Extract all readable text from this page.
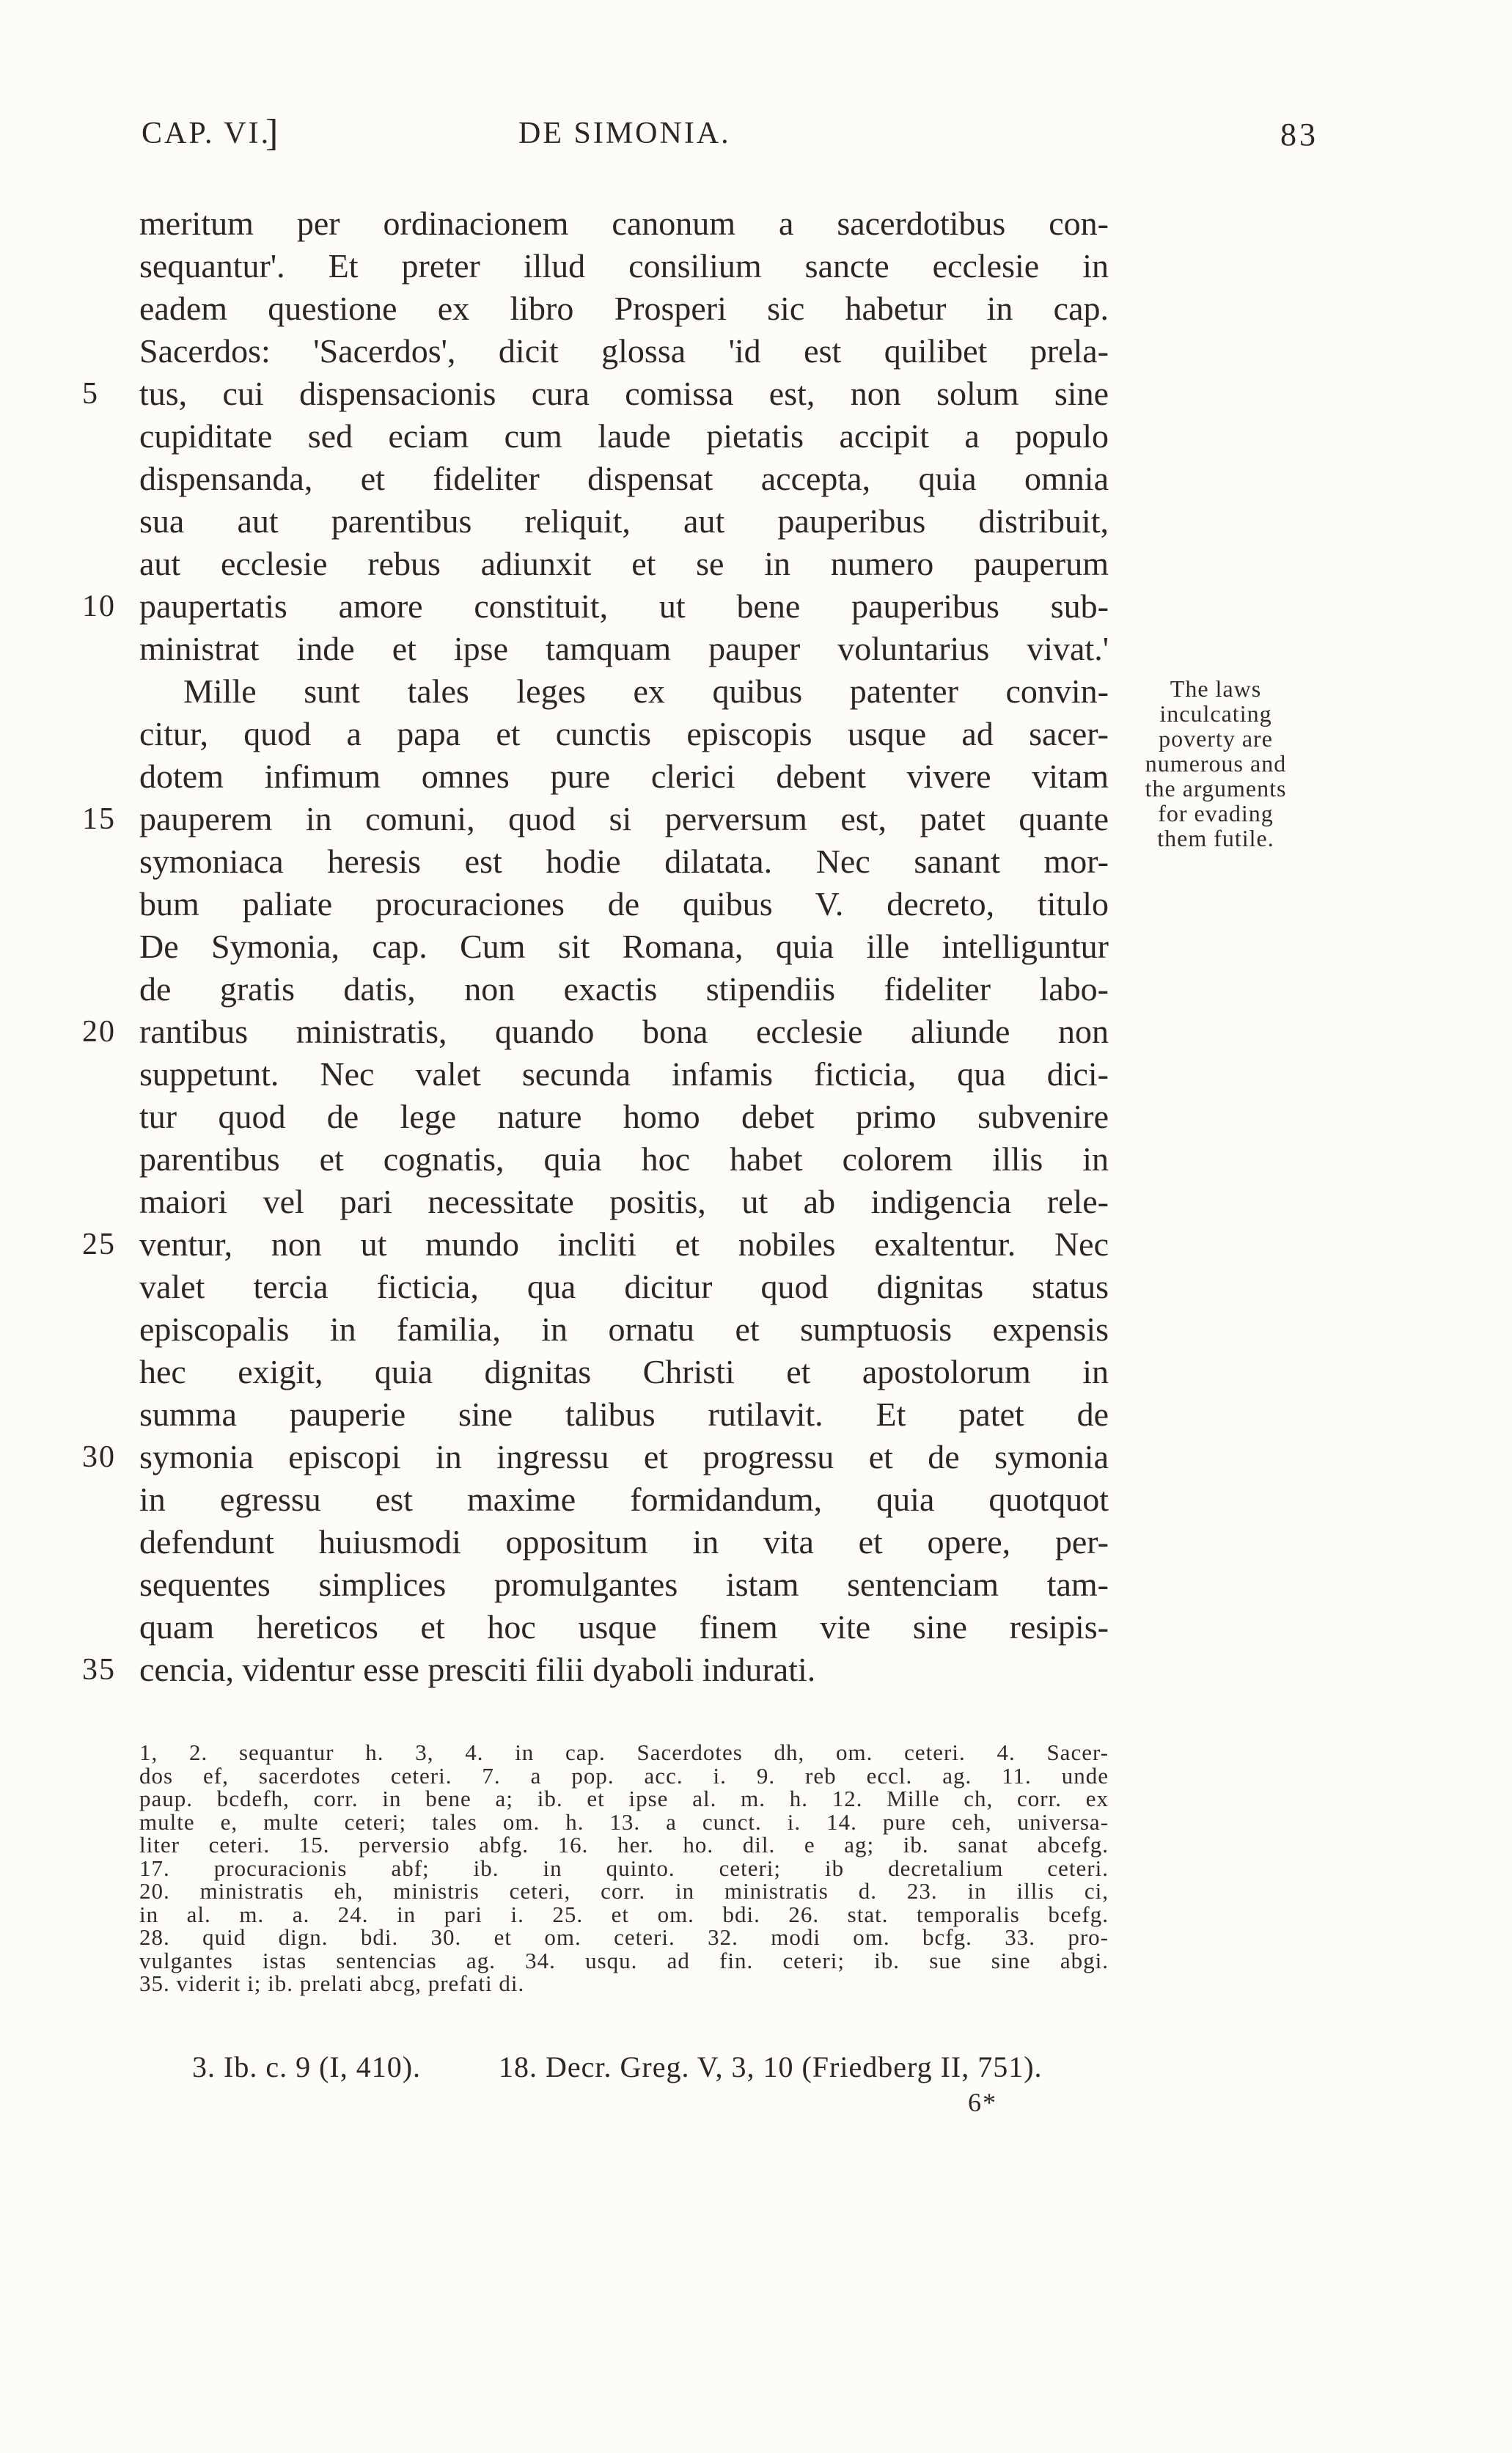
CAP. VI.
]	DE SIMONIA.	83
meritum per ordinacionem canonum a sacerdotibus con-
sequantur'. Et preter illud consilium sancte ecclesie in
eadem questione ex libro Prosperi sic habetur in cap.
Sacerdos: 'Sacerdos', dicit glossa 'id est quilibet prela-
5	tus, cui dispensacionis cura comissa est, non solum sine
cupiditate sed eciam cum laude pietatis accipit a populo
dispensanda, et fideliter dispensat accepta, quia omnia
sua aut parentibus reliquit, aut pauperibus distribuit,
aut ecclesie rebus adiunxit et se in numero pauperum
10 paupertatis amore constituit, ut bene pauperibus sub-
ministrat inde et ipse tamquam pauper voluntarius vivat.'
Mille sunt tales leges ex quibus patenter convin-
citur, quod a papa et cunctis episcopis usque ad sacer-
dotem infimum omnes pure clerici debent vivere vitam
15 pauperem in comuni, quod si perversum est, patet quante
symoniaca heresis est hodie dilatata. Nec sanant mor-
bum paliate procuraciones de quibus V. decreto, titulo
De Symonia, cap. Cum sit Romana, quia ille intelliguntur
de gratis datis, non exactis stipendiis fideliter labo-
20 rantibus ministratis, quando bona ecclesie aliunde non
suppetunt. Nec valet secunda infamis ficticia, qua dici-
tur quod de lege nature homo debet primo subvenire
parentibus et cognatis, quia hoc habet colorem illis in
maiori vel pari necessitate positis, ut ab indigencia rele-
25 ventur, non ut mundo incliti et nobiles exaltentur. Nec
valet tercia ficticia, qua dicitur quod dignitas status
episcopalis in familia, in ornatu et sumptuosis expensis
hec exigit, quia dignitas Christi et apostolorum in
summa pauperie sine talibus rutilavit. Et patet de
30 symonia episcopi in ingressu et progressu et de symonia
in egressu est maxime formidandum, quia quotquot
defendunt huiusmodi oppositum in vita et opere, per-
sequentes simplices promulgantes istam sentenciam tam-
quam hereticos et hoc usque finem vite sine resipis-
35 cencia, videntur esse presciti filii dyaboli indurati.
The laws
inculcating
poverty are
numerous and
the arguments
for evading
them futile.
1, 2. sequantur h. 3, 4. in cap. Sacerdotes dh, om. ceteri. 4. Sacer-
dos ef, sacerdotes ceteri. 7. a pop. acc. i. 9. reb eccl. ag. 11. unde
paup. bcdefh, corr. in bene a; ib. et ipse al. m. h. 12. Mille ch, corr. ex
multe e, multe ceteri; tales om. h. 13. a cunct. i. 14. pure ceh, universa-
liter ceteri. 15. perversio abfg. 16. her. ho. dil. e ag; ib. sanat abcefg.
17. procuracionis abf; ib. in quinto. ceteri; ib decretalium ceteri.
20. ministratis eh, ministris ceteri, corr. in ministratis d. 23. in illis ci,
in al. m. a. 24. in pari i. 25. et om. bdi. 26. stat. temporalis bcefg.
28. quid dign. bdi. 30. et om. ceteri. 32. modi om. bcfg. 33. pro-
vulgantes istas sentencias ag. 34. usqu. ad fin. ceteri; ib. sue sine abgi.
35. viderit i; ib. prelati abcg, prefati di.
3. Ib. c. 9 (I, 410).	18. Decr. Greg. V, 3, 10 (Friedberg II, 751).
6*
